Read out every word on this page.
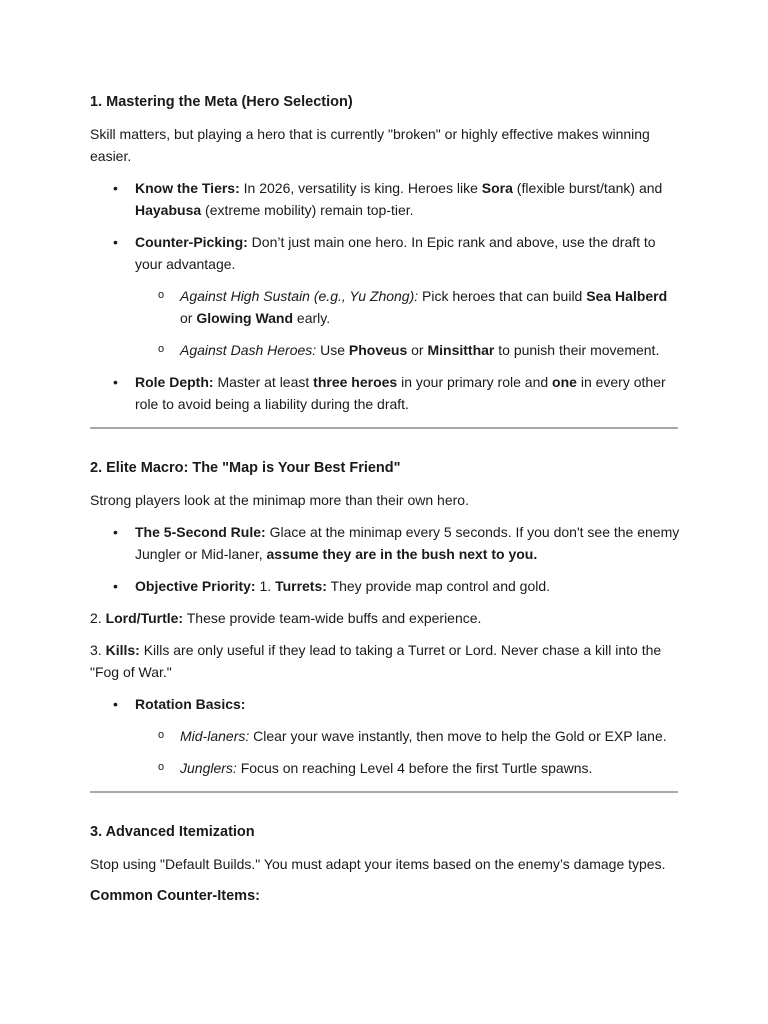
1. Mastering the Meta (Hero Selection)

Skill matters, but playing a hero that is currently "broken" or highly effective makes winning easier.

• Know the Tiers: In 2026, versatility is king. Heroes like Sora (flexible burst/tank) and Hayabusa (extreme mobility) remain top-tier.
• Counter-Picking: Don’t just main one hero. In Epic rank and above, use the draft to your advantage.
o Against High Sustain (e.g., Yu Zhong): Pick heroes that can build Sea Halberd or Glowing Wand early.
o Against Dash Heroes: Use Phoveus or Minsitthar to punish their movement.
• Role Depth: Master at least three heroes in your primary role and one in every other role to avoid being a liability during the draft.
2. Elite Macro: The "Map is Your Best Friend"

Strong players look at the minimap more than their own hero.

• The 5-Second Rule: Glace at the minimap every 5 seconds. If you don't see the enemy Jungler or Mid-laner, assume they are in the bush next to you.
• Objective Priority: 1. Turrets: They provide map control and gold.

2. Lord/Turtle: These provide team-wide buffs and experience.

3. Kills: Kills are only useful if they lead to taking a Turret or Lord. Never chase a kill into the "Fog of War."

• Rotation Basics:
o Mid-laners: Clear your wave instantly, then move to help the Gold or EXP lane.
o Junglers: Focus on reaching Level 4 before the first Turtle spawns.
3. Advanced Itemization

Stop using "Default Builds." You must adapt your items based on the enemy’s damage types.

Common Counter-Items:
